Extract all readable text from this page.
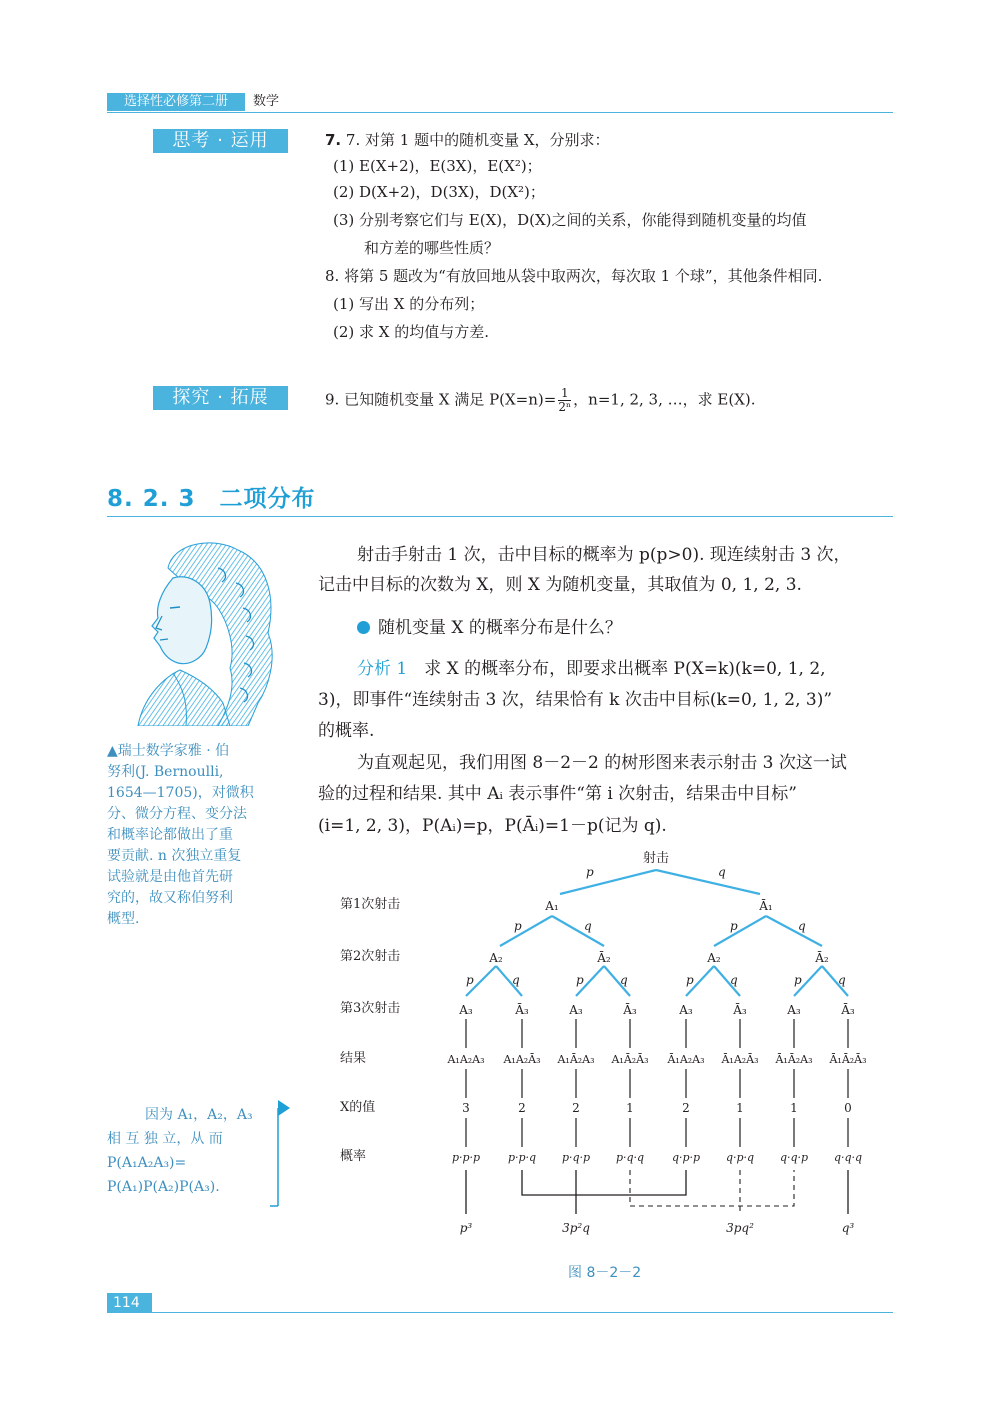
选择性必修第二册	数学
思考 · 运用	7. 7. 对第 1 题中的随机变量 X，分别求：
(1) E(X+2)，E(3X)，E(X²)；
(2) D(X+2)，D(3X)，D(X²)；
(3) 分别考察它们与 E(X)，D(X)之间的关系，你能得到随机变量的均值
和方差的哪些性质？
8. 将第 5 题改为“有放回地从袋中取两次，每次取 1 个球”，其他条件相同.
(1) 写出 X 的分布列；
(2) 求 X 的均值与方差.
探究 · 拓展	9. 已知随机变量 X 满足 $P(X=n)= \frac{1}{\text{2ⁿ}}$ ，n=1, 2, 3, …，求 E(X).
8. 2. 3　二项分布
▲瑞士数学家雅 · 伯
努利(J. Bernoulli,
1654—1705)，对微积
分、微分方程、变分法
和概率论都做出了重
要贡献. n 次独立重复
试验就是由他首先研
究的，故又称伯努利
概型.
因为 A₁，A₂，A₃
相 互 独 立，从 而
P(A₁A₂A₃)=
P(A₁)P(A₂)P(A₃).
射击手射击 1 次，击中目标的概率为 p(p>0). 现连续射击 3 次，
记击中目标的次数为 X，则 X 为随机变量，其取值为 0, 1, 2, 3.
随机变量 X 的概率分布是什么？
分析 1　 求 X 的概率分布，即要求出概率 P(X=k)(k=0, 1, 2,
3)，即事件“连续射击 3 次，结果恰有 k 次击中目标(k=0, 1, 2, 3)”
的概率.
为直观起见，我们用图 8－2－2 的树形图来表示射击 3 次这一试
验的过程和结果. 其中 Aᵢ 表示事件“第 i 次射击，结果击中目标”
(i=1, 2, 3)，P(Aᵢ)=p，P(Āᵢ)=1－p(记为 q).
第1次射击
第2次射击
第3次射击
结果
X的值
概率
射击
p	q
p	q	p	q
p	q	p	q	p	q	p	q
A₁	Ā₁
A₂	Ā₂	A₂	Ā₂
A₃	Ā₃	A₃	Ā₃	A₃	Ā₃	A₃	Ā₃
A₁A₂A₃ A₁A₂Ā₃ A₁Ā₂A₃ A₁Ā₂Ā₃ Ā₁A₂A₃ Ā₁A₂Ā₃ Ā₁Ā₂A₃ Ā₁Ā₂Ā₃
3	2	2	1	2	1	1	0
p·p·p	p·p·q p·q·p p·q·q	q·p·p q·p·q q·q·p q·q·q
p³	3p²q	3pq²	q³
图 8－2－2
114
